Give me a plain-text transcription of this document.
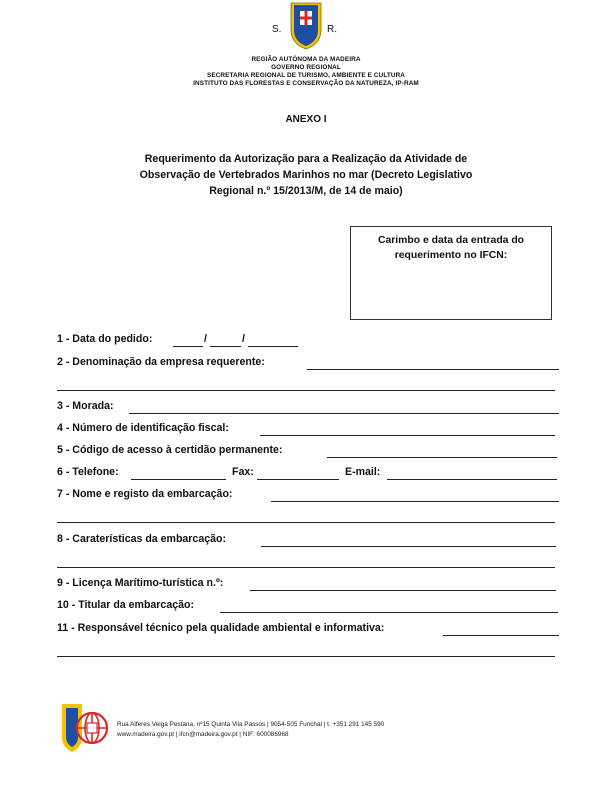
S.	R.
REGIÃO AUTÓNOMA DA MADEIRA
GOVERNO REGIONAL
SECRETARIA REGIONAL DE TURISMO, AMBIENTE E CULTURA
INSTITUTO DAS FLORESTAS E CONSERVAÇÃO DA NATUREZA, IP-RAM
ANEXO I
Requerimento da Autorização para a Realização da Atividade de
Observação de Vertebrados Marinhos no mar (Decreto Legislativo
Regional n.º 15/2013/M, de 14 de maio)
Carimbo e data da entrada do
requerimento no IFCN:
1 - Data do pedido:	/	/
2 - Denominação da empresa requerente:
3 - Morada:
4 - Número de identificação fiscal:
5 - Código de acesso à certidão permanente:
6 - Telefone:	Fax:	E-mail:
7 - Nome e registo da embarcação:
8 - Caraterísticas da embarcação:
9 - Licença Marítimo-turística n.º:
10 - Titular da embarcação:
11 - Responsável técnico pela qualidade ambiental e informativa:
Rua Alferes Veiga Pestana, nº15 Quinta Vila Passos | 9054-505 Funchal | t. +351 291 145 590
www.madeira.gov.pt | ifcn@madeira.gov.pt | NIF: 600086968
